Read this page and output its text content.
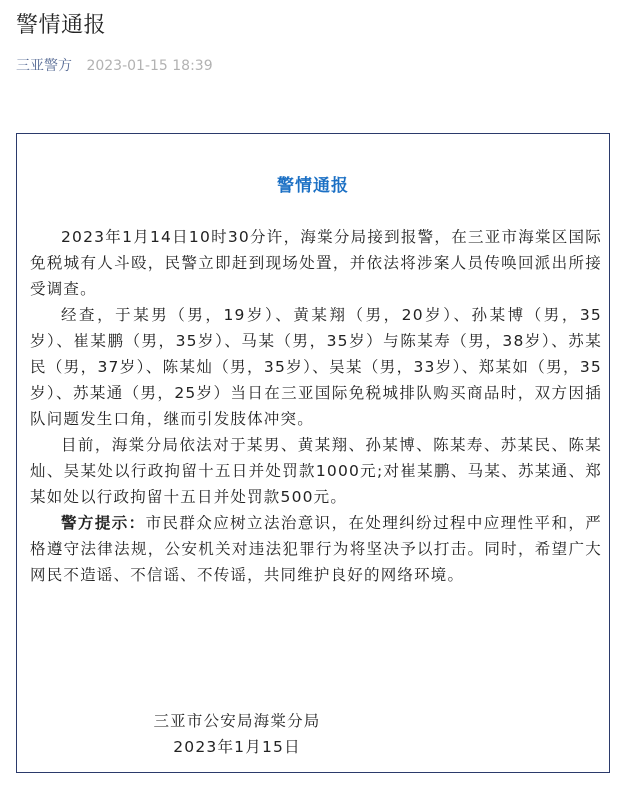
警情通报
三亚警方 2023-01-15 18:39
警情通报

2023年1月14日10时30分许，海棠分局接到报警，在三亚市海棠区国际免税城有人斗殴，民警立即赶到现场处置，并依法将涉案人员传唤回派出所接受调查。

经查，于某男（男，19岁）、黄某翔（男，20岁）、孙某博（男，35岁）、崔某鹏（男，35岁）、马某（男，35岁）与陈某寿（男，38岁）、苏某民（男，37岁）、陈某灿（男，35岁）、吴某（男，33岁）、郑某如（男，35岁）、苏某通（男，25岁）当日在三亚国际免税城排队购买商品时，双方因插队问题发生口角，继而引发肢体冲突。

目前，海棠分局依法对于某男、黄某翔、孙某博、陈某寿、苏某民、陈某灿、吴某处以行政拘留十五日并处罚款1000元;对崔某鹏、马某、苏某通、郑某如处以行政拘留十五日并处罚款500元。

警方提示：市民群众应树立法治意识，在处理纠纷过程中应理性平和，严格遵守法律法规，公安机关对违法犯罪行为将坚决予以打击。同时，希望广大网民不造谣、不信谣、不传谣，共同维护良好的网络环境。

三亚市公安局海棠分局
2023年1月15日
